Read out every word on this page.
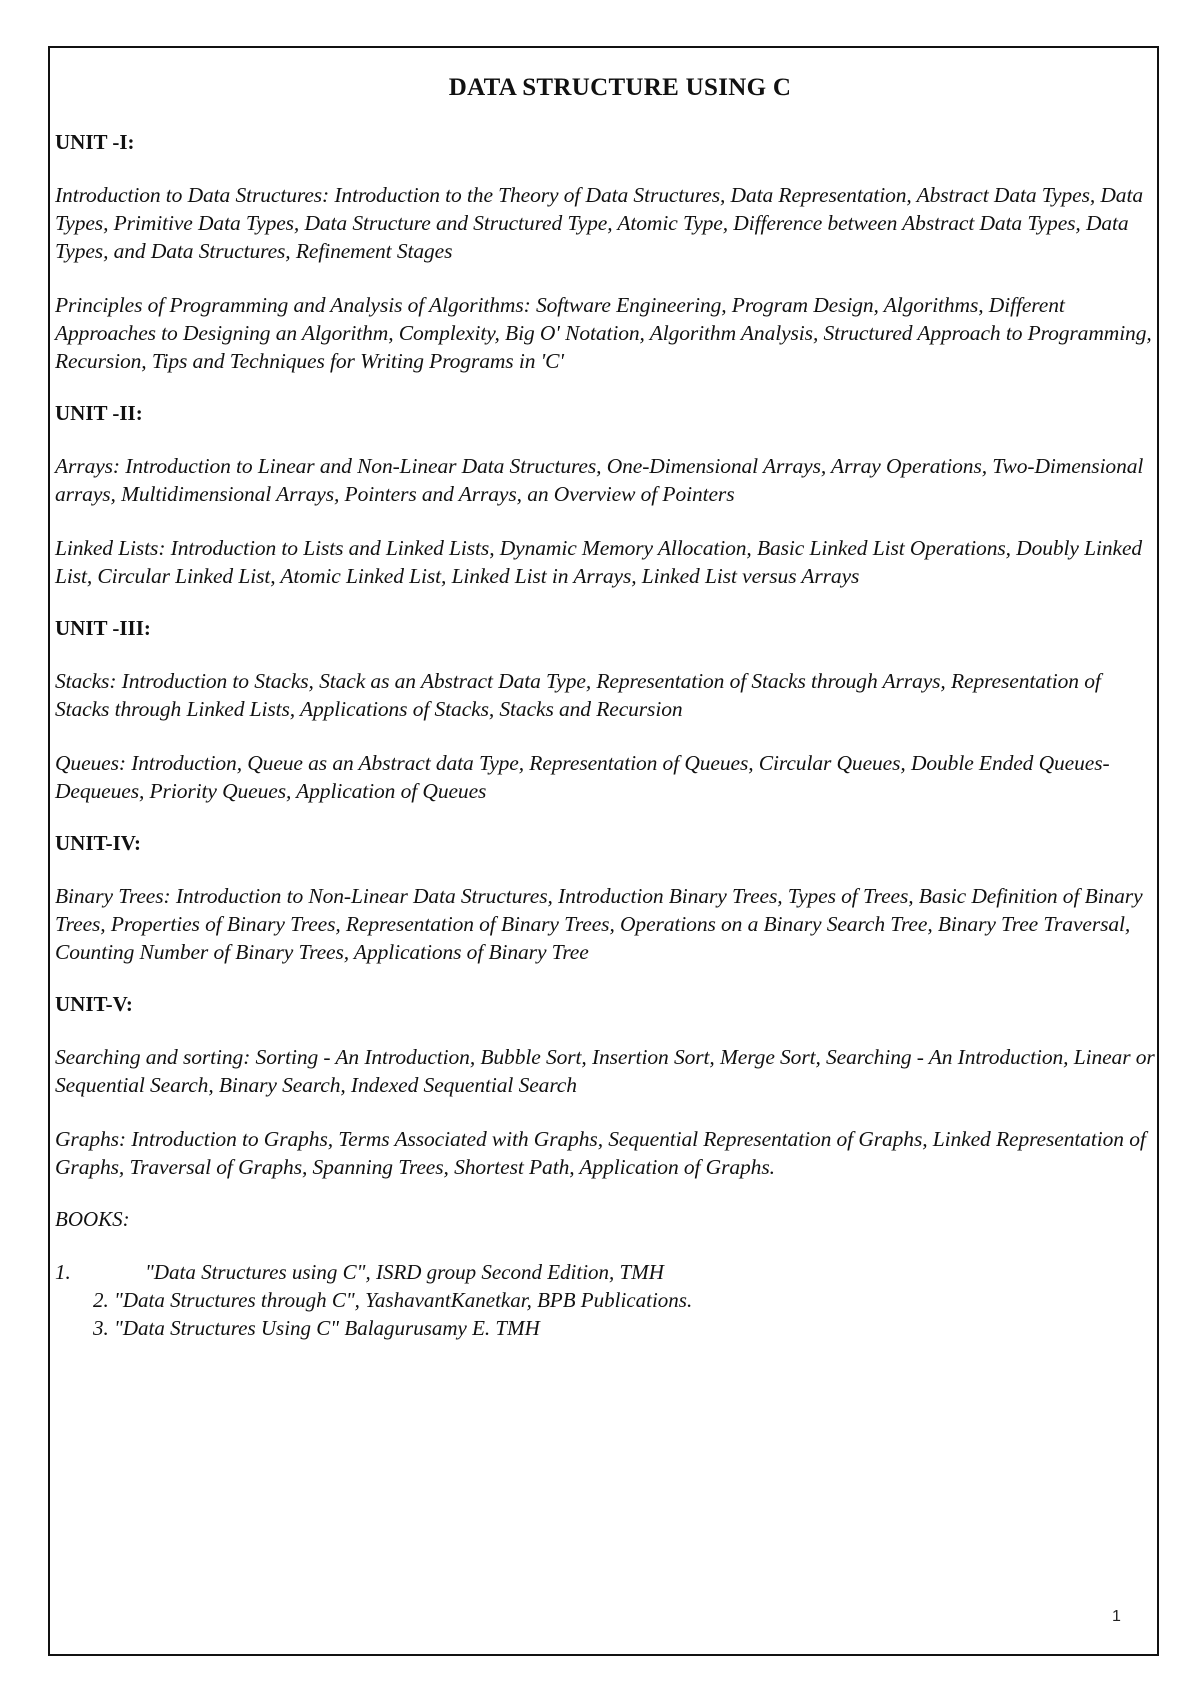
DATA STRUCTURE USING C
UNIT -I:
Introduction to Data Structures: Introduction to the Theory of Data Structures, Data Representation, Abstract Data Types, Data Types, Primitive Data Types, Data Structure and Structured Type, Atomic Type, Difference between Abstract Data Types, Data Types, and Data Structures, Refinement Stages
Principles of Programming and Analysis of Algorithms: Software Engineering, Program Design, Algorithms, Different Approaches to Designing an Algorithm, Complexity, Big O' Notation, Algorithm Analysis, Structured Approach to Programming, Recursion, Tips and Techniques for Writing Programs in 'C'
UNIT -II:
Arrays: Introduction to Linear and Non-Linear Data Structures, One-Dimensional Arrays, Array Operations, Two-Dimensional arrays, Multidimensional Arrays, Pointers and Arrays, an Overview of Pointers
Linked Lists: Introduction to Lists and Linked Lists, Dynamic Memory Allocation, Basic Linked List Operations, Doubly Linked List, Circular Linked List, Atomic Linked List, Linked List in Arrays, Linked List versus Arrays
UNIT -III:
Stacks: Introduction to Stacks, Stack as an Abstract Data Type, Representation of Stacks through Arrays, Representation of Stacks through Linked Lists, Applications of Stacks, Stacks and Recursion
Queues: Introduction, Queue as an Abstract data Type, Representation of Queues, Circular Queues, Double Ended Queues-Dequeues, Priority Queues, Application of Queues
UNIT-IV:
Binary Trees: Introduction to Non-Linear Data Structures, Introduction Binary Trees, Types of Trees, Basic Definition of Binary Trees, Properties of Binary Trees, Representation of Binary Trees, Operations on a Binary Search Tree, Binary Tree Traversal, Counting Number of Binary Trees, Applications of Binary Tree
UNIT-V:
Searching and sorting: Sorting - An Introduction, Bubble Sort, Insertion Sort, Merge Sort, Searching - An Introduction, Linear or Sequential Search, Binary Search, Indexed Sequential Search
Graphs: Introduction to Graphs, Terms Associated with Graphs, Sequential Representation of Graphs, Linked Representation of Graphs, Traversal of Graphs, Spanning Trees, Shortest Path, Application of Graphs.
BOOKS:
1.	"Data Structures using C", ISRD group Second Edition, TMH
2. "Data Structures through C", YashavantKanetkar, BPB Publications.
3. "Data Structures Using C" Balagurusamy E. TMH
1
